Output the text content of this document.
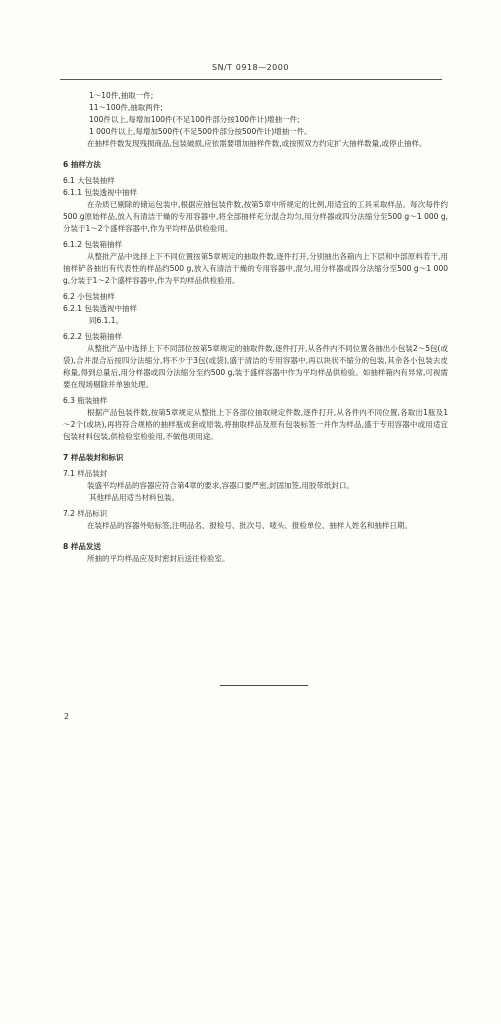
SN/T 0918—2000
1～10件,抽取一件;
11～100件,抽取两件;
100件以上,每增加100件(不足100件部分按100件计)增抽一件;
1 000件以上,每增加500件(不足500件部分按500件计)增抽一件。
在抽样件数发现残损商品,包装破损,应依需要增加抽样件数,或按照双方约定扩大抽样数量,或停止抽样。
6 抽样方法
6.1 大包装抽样
6.1.1 包装透视中抽样
在杂质已剔除的储运包装中,根据应抽包装件数,按第5章中所规定的比例,用适宜的工具采取样品。每次每件约500 g原始样品,放入有清洁干燥的专用容器中,将全部抽样充分混合均匀,用分样器或四分法缩分至500 g～1 000 g,分装于1～2个盛样容器中,作为平均样品供检验用。
6.1.2 包装箱抽样
从整批产品中选择上下不同位置按第5章规定的抽取件数,逐件打开,分别抽出各箱内上下层和中部原料若干,用抽样铲各抽出有代表性的样品约500 g,放入有清洁干燥的专用容器中,混匀,用分样器或四分法缩分至500 g～1 000 g,分装于1～2个盛样容器中,作为平均样品供检验用。
6.2 小包装抽样
6.2.1 包装透视中抽样
同6.1.1。
6.2.2 包装箱抽样
从整批产品中选择上下不同部位按第5章规定的抽取件数,逐件打开,从各件内不同位置各抽出小包装2～5包(或袋),合并混合后按四分法缩分,将不少于3包(或袋),盛于清洁的专用容器中,再以块状不缩分的包装,其余各小包装去皮称量,得到总量后,用分样器或四分法缩分至约500 g,装于盛样容器中作为平均样品供检验。如抽样箱内有异常,可视需要在现场剔除并单独处理。
6.3 瓶装抽样
根据产品包装件数,按第5章规定从整批上下各部位抽取规定件数,逐件打开,从各件内不同位置,各取出1瓶及1～2个(或块),再将符合规格的抽样瓶成套或原装,将抽取样品及原有包装标签一并作为样品,盛于专用容器中或用适宜包装材料包装,供检验室检验用,不做他项用途。
7 样品装封和标识
7.1 样品装封
装盛平均样品的容器应符合第4章的要求,容器口要严密,封固加签,用胶带纸封口。
其他样品用适当材料包装。
7.2 样品标识
在装样品的容器外贴标签,注明品名、报检号、批次号、唛头、报检单位、抽样人姓名和抽样日期。
8 样品发送
所抽的平均样品应及时密封后送往检验室。
2
